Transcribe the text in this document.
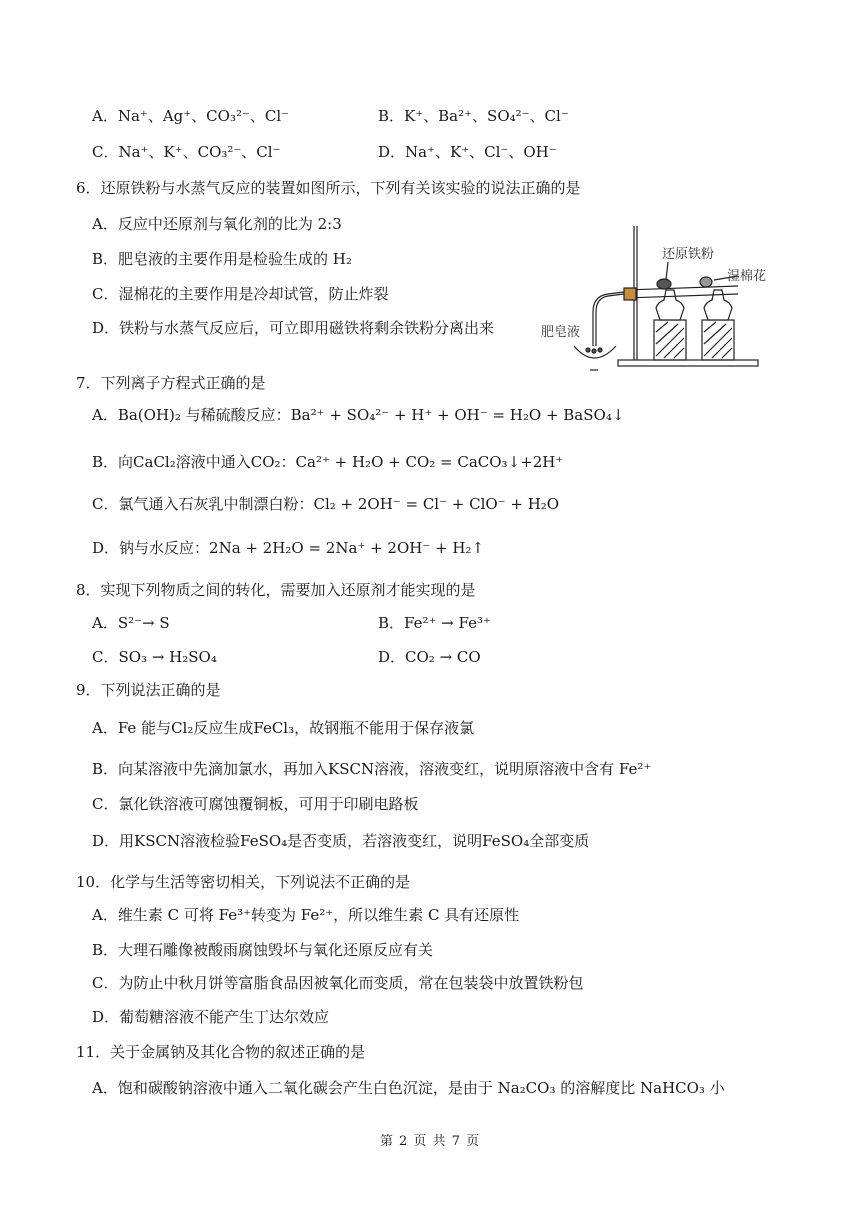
A．Na⁺、Ag⁺、CO₃²⁻、Cl⁻	B．K⁺、Ba²⁺、SO₄²⁻、Cl⁻
C．Na⁺、K⁺、CO₃²⁻、Cl⁻	D．Na⁺、K⁺、Cl⁻、OH⁻
6．还原铁粉与水蒸气反应的装置如图所示，下列有关该实验的说法正确的是
A．反应中还原剂与氧化剂的比为 2:3
B．肥皂液的主要作用是检验生成的 H₂
C．湿棉花的主要作用是冷却试管，防止炸裂
D．铁粉与水蒸气反应后，可立即用磁铁将剩余铁粉分离出来
还原铁粉
湿棉花
肥皂液
7．下列离子方程式正确的是
A．Ba(OH)₂ 与稀硫酸反应：Ba²⁺ + SO₄²⁻ + H⁺ + OH⁻ = H₂O + BaSO₄↓
B．向CaCl₂溶液中通入CO₂：Ca²⁺ + H₂O + CO₂ = CaCO₃↓+2H⁺
C．氯气通入石灰乳中制漂白粉：Cl₂ + 2OH⁻ = Cl⁻ + ClO⁻ + H₂O
D．钠与水反应：2Na + 2H₂O = 2Na⁺ + 2OH⁻ + H₂↑
8．实现下列物质之间的转化，需要加入还原剂才能实现的是
A．S²⁻→ S	B．Fe²⁺ → Fe³⁺
C．SO₃ → H₂SO₄	D．CO₂ → CO
9．下列说法正确的是
A．Fe 能与Cl₂反应生成FeCl₃，故钢瓶不能用于保存液氯
B．向某溶液中先滴加氯水，再加入KSCN溶液，溶液变红，说明原溶液中含有 Fe²⁺
C．氯化铁溶液可腐蚀覆铜板，可用于印刷电路板
D．用KSCN溶液检验FeSO₄是否变质，若溶液变红，说明FeSO₄全部变质
10．化学与生活等密切相关，下列说法不正确的是
A．维生素 C 可将 Fe³⁺转变为 Fe²⁺，所以维生素 C 具有还原性
B．大理石雕像被酸雨腐蚀毁坏与氧化还原反应有关
C．为防止中秋月饼等富脂食品因被氧化而变质，常在包装袋中放置铁粉包
D．葡萄糖溶液不能产生丁达尔效应
11．关于金属钠及其化合物的叙述正确的是
A．饱和碳酸钠溶液中通入二氧化碳会产生白色沉淀，是由于 Na₂CO₃ 的溶解度比 NaHCO₃ 小
第 2 页 共 7 页
